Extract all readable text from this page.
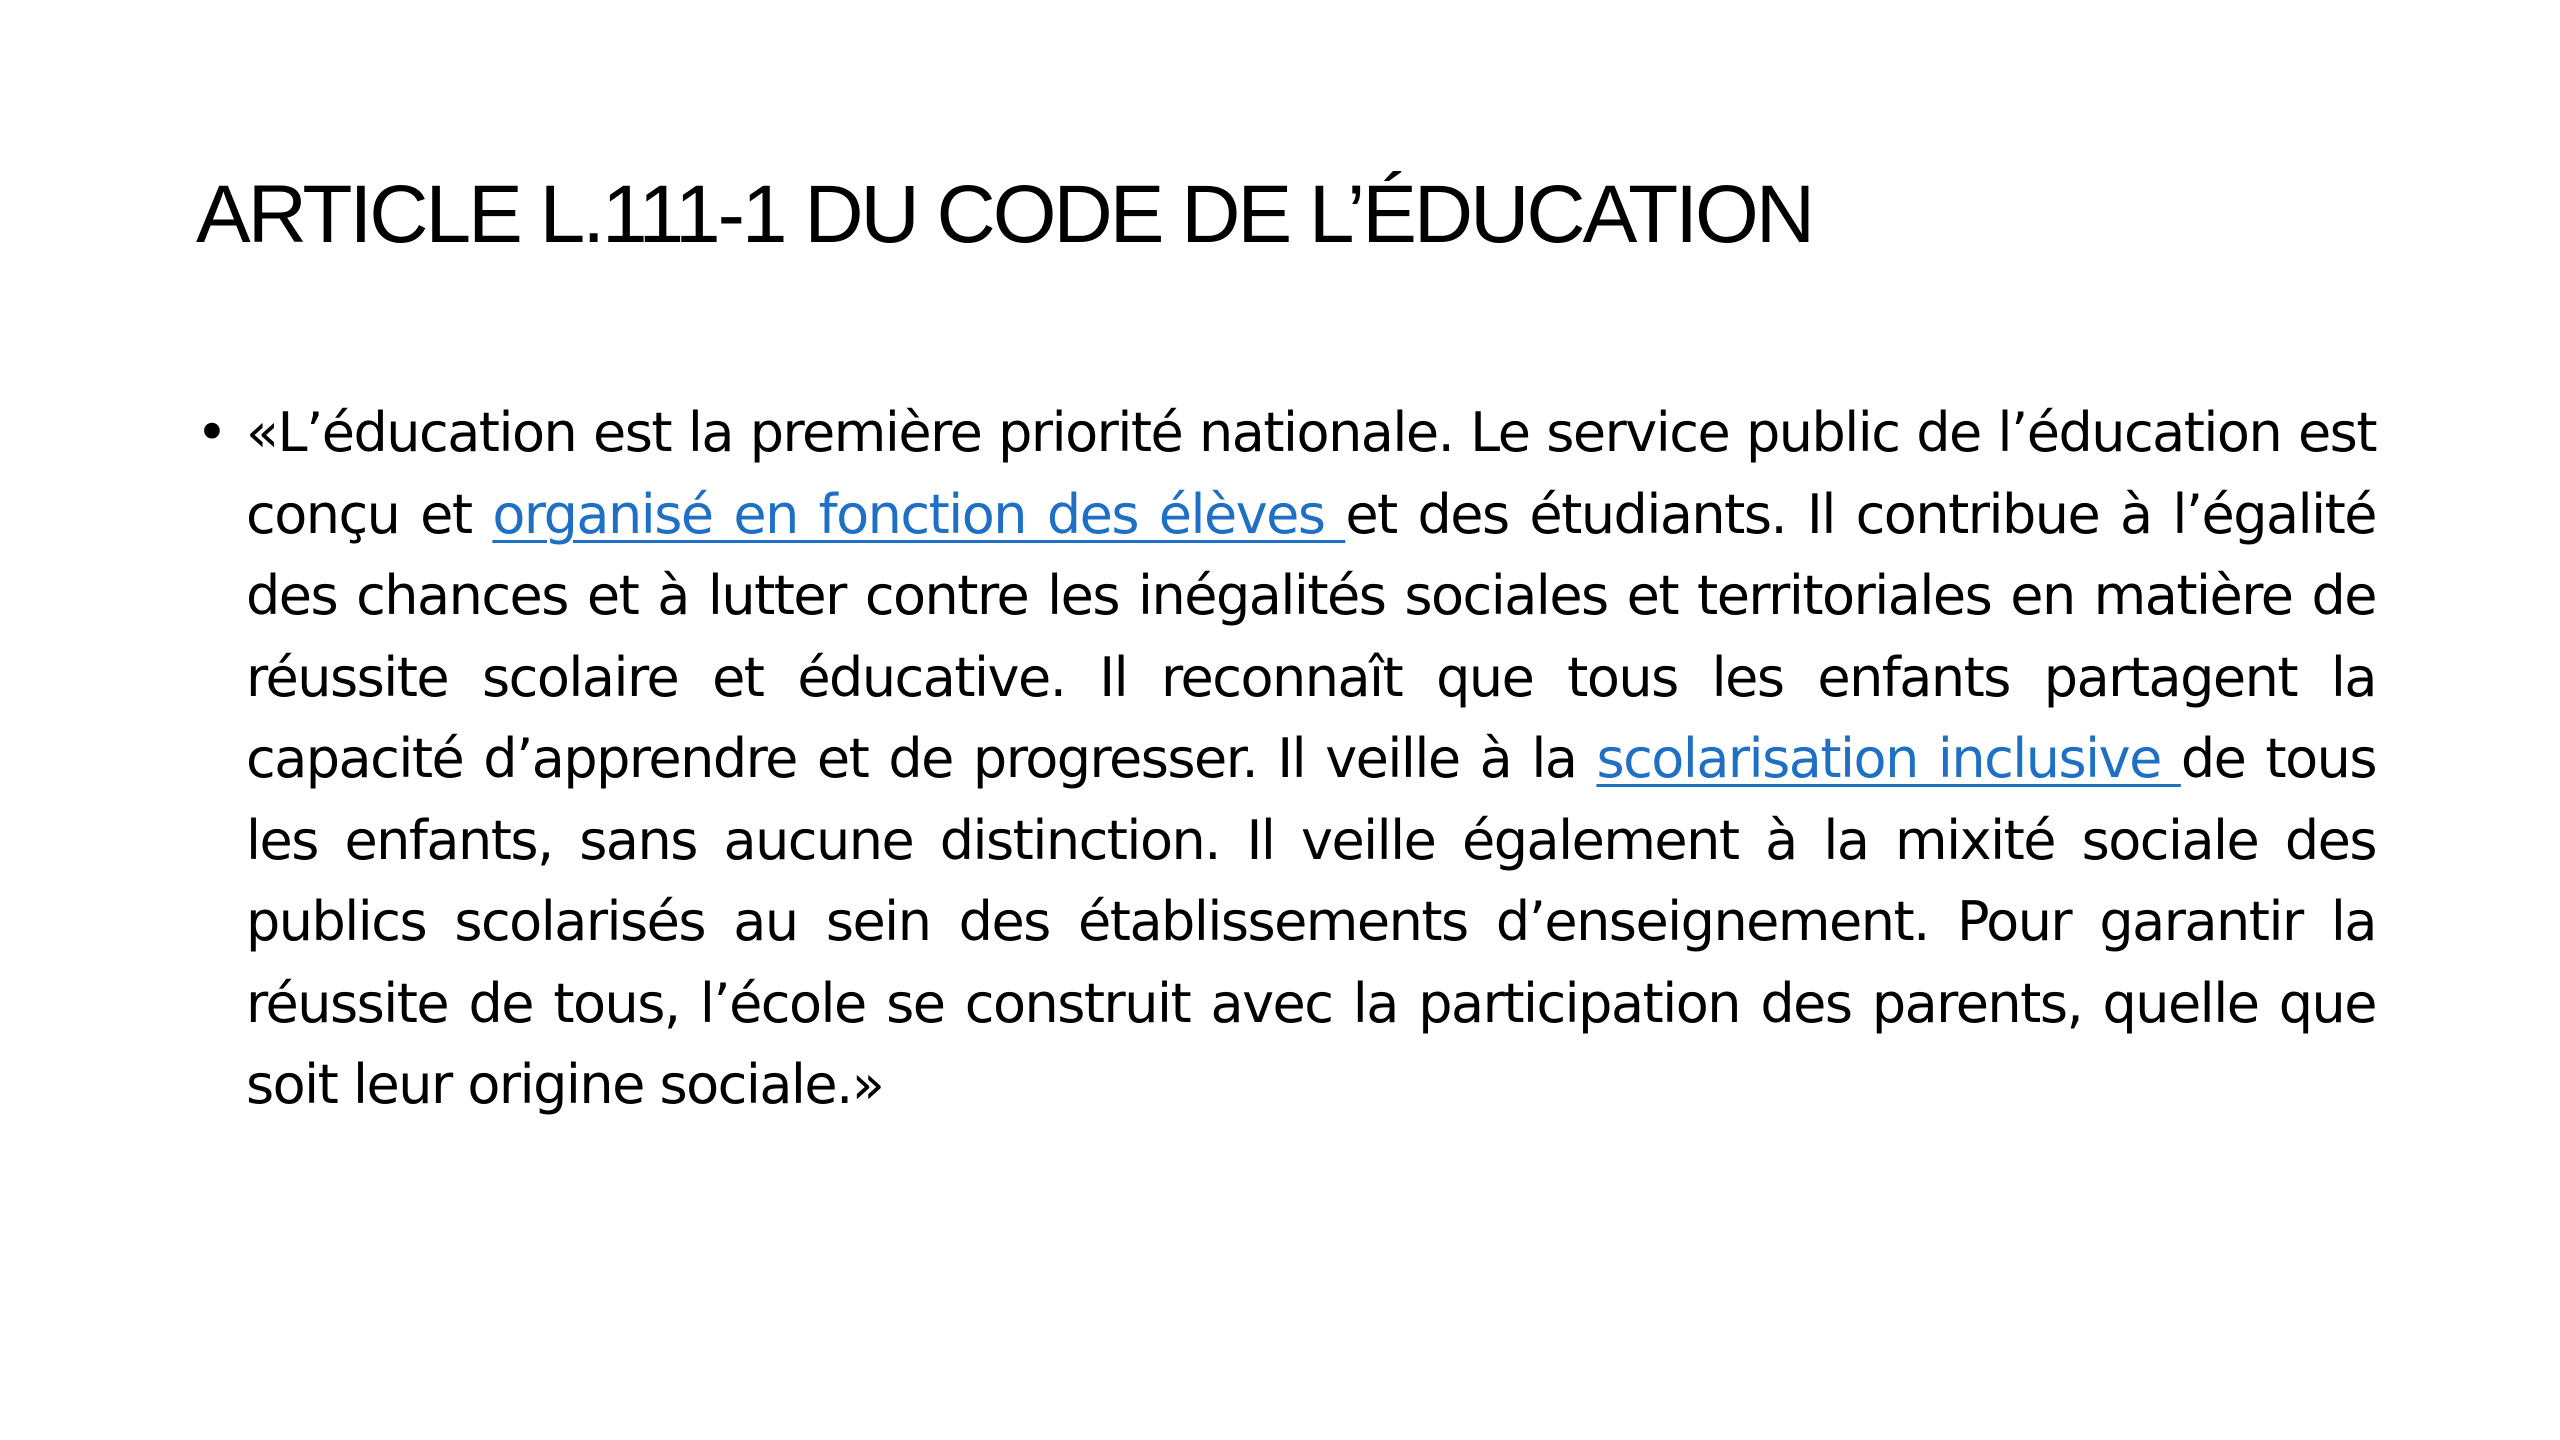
ARTICLE L.111-1 DU CODE DE L’ÉDUCATION
• «L’éducation est la première priorité nationale. Le service public de l’éducation est conçu et organisé en fonction des élèves et des étudiants. Il contribue à l’égalité des chances et à lutter contre les inégalités sociales et territoriales en matière de réussite scolaire et éducative. Il reconnaît que tous les enfants partagent la capacité d’apprendre et de progresser. Il veille à la scolarisation inclusive de tous les enfants, sans aucune distinction. Il veille également à la mixité sociale des publics scolarisés au sein des établissements d’enseignement. Pour garantir la réussite de tous, l’école se construit avec la participation des parents, quelle que soit leur origine sociale.»
